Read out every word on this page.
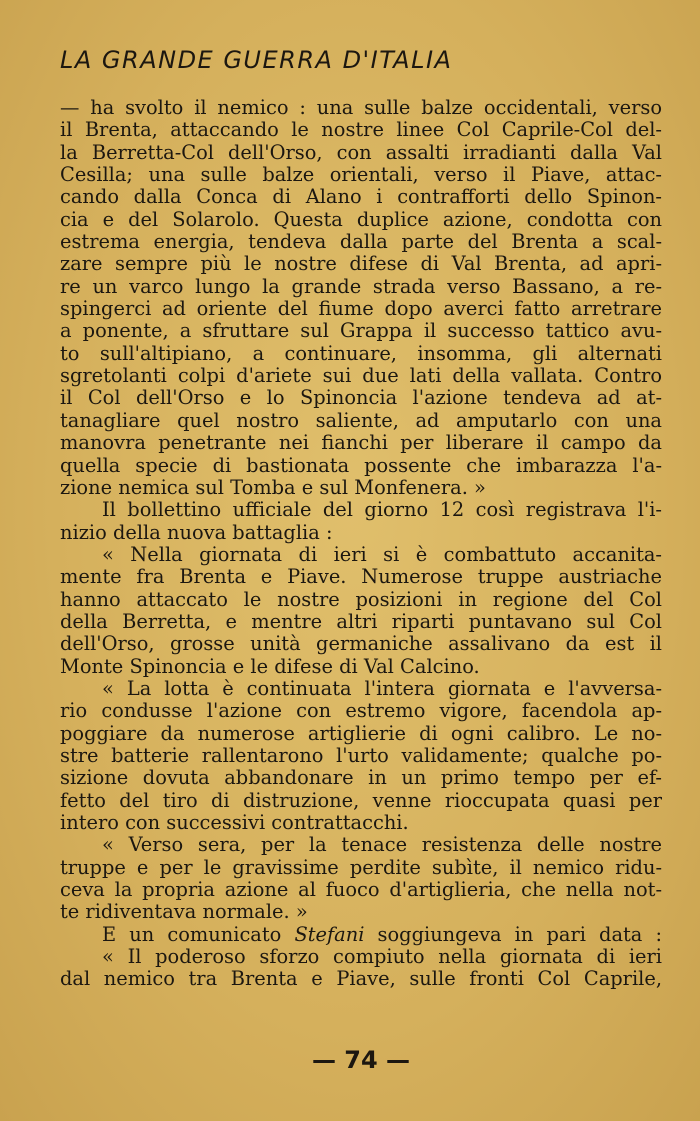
LA GRANDE GUERRA D'ITALIA
— ha svolto il nemico : una sulle balze occidentali, verso
il Brenta, attaccando le nostre linee Col Caprile-Col del-
la Berretta-Col dell'Orso, con assalti irradianti dalla Val
Cesilla; una sulle balze orientali, verso il Piave, attac-
cando dalla Conca di Alano i contrafforti dello Spinon-
cia e del Solarolo. Questa duplice azione, condotta con
estrema energia, tendeva dalla parte del Brenta a scal-
zare sempre più le nostre difese di Val Brenta, ad apri-
re un varco lungo la grande strada verso Bassano, a re-
spingerci ad oriente del fiume dopo averci fatto arretrare
a ponente, a sfruttare sul Grappa il successo tattico avu-
to sull'altipiano, a continuare, insomma, gli alternati
sgretolanti colpi d'ariete sui due lati della vallata. Contro
il Col dell'Orso e lo Spinoncia l'azione tendeva ad at-
tanagliare quel nostro saliente, ad amputarlo con una
manovra penetrante nei fianchi per liberare il campo da
quella specie di bastionata possente che imbarazza l'a-
zione nemica sul Tomba e sul Monfenera. »
Il bollettino ufficiale del giorno 12 così registrava l'i-
nizio della nuova battaglia :
« Nella giornata di ieri si è combattuto accanita-
mente fra Brenta e Piave. Numerose truppe austriache
hanno attaccato le nostre posizioni in regione del Col
della Berretta, e mentre altri riparti puntavano sul Col
dell'Orso, grosse unità germaniche assalivano da est il
Monte Spinoncia e le difese di Val Calcino.
« La lotta è continuata l'intera giornata e l'avversa-
rio condusse l'azione con estremo vigore, facendola ap-
poggiare da numerose artiglierie di ogni calibro. Le no-
stre batterie rallentarono l'urto validamente; qualche po-
sizione dovuta abbandonare in un primo tempo per ef-
fetto del tiro di distruzione, venne rioccupata quasi per
intero con successivi contrattacchi.
« Verso sera, per la tenace resistenza delle nostre
truppe e per le gravissime perdite subìte, il nemico ridu-
ceva la propria azione al fuoco d'artiglieria, che nella not-
te ridiventava normale. »
E un comunicato Stefani soggiungeva in pari data :
« Il poderoso sforzo compiuto nella giornata di ieri
dal nemico tra Brenta e Piave, sulle fronti Col Caprile,
— 74 —
